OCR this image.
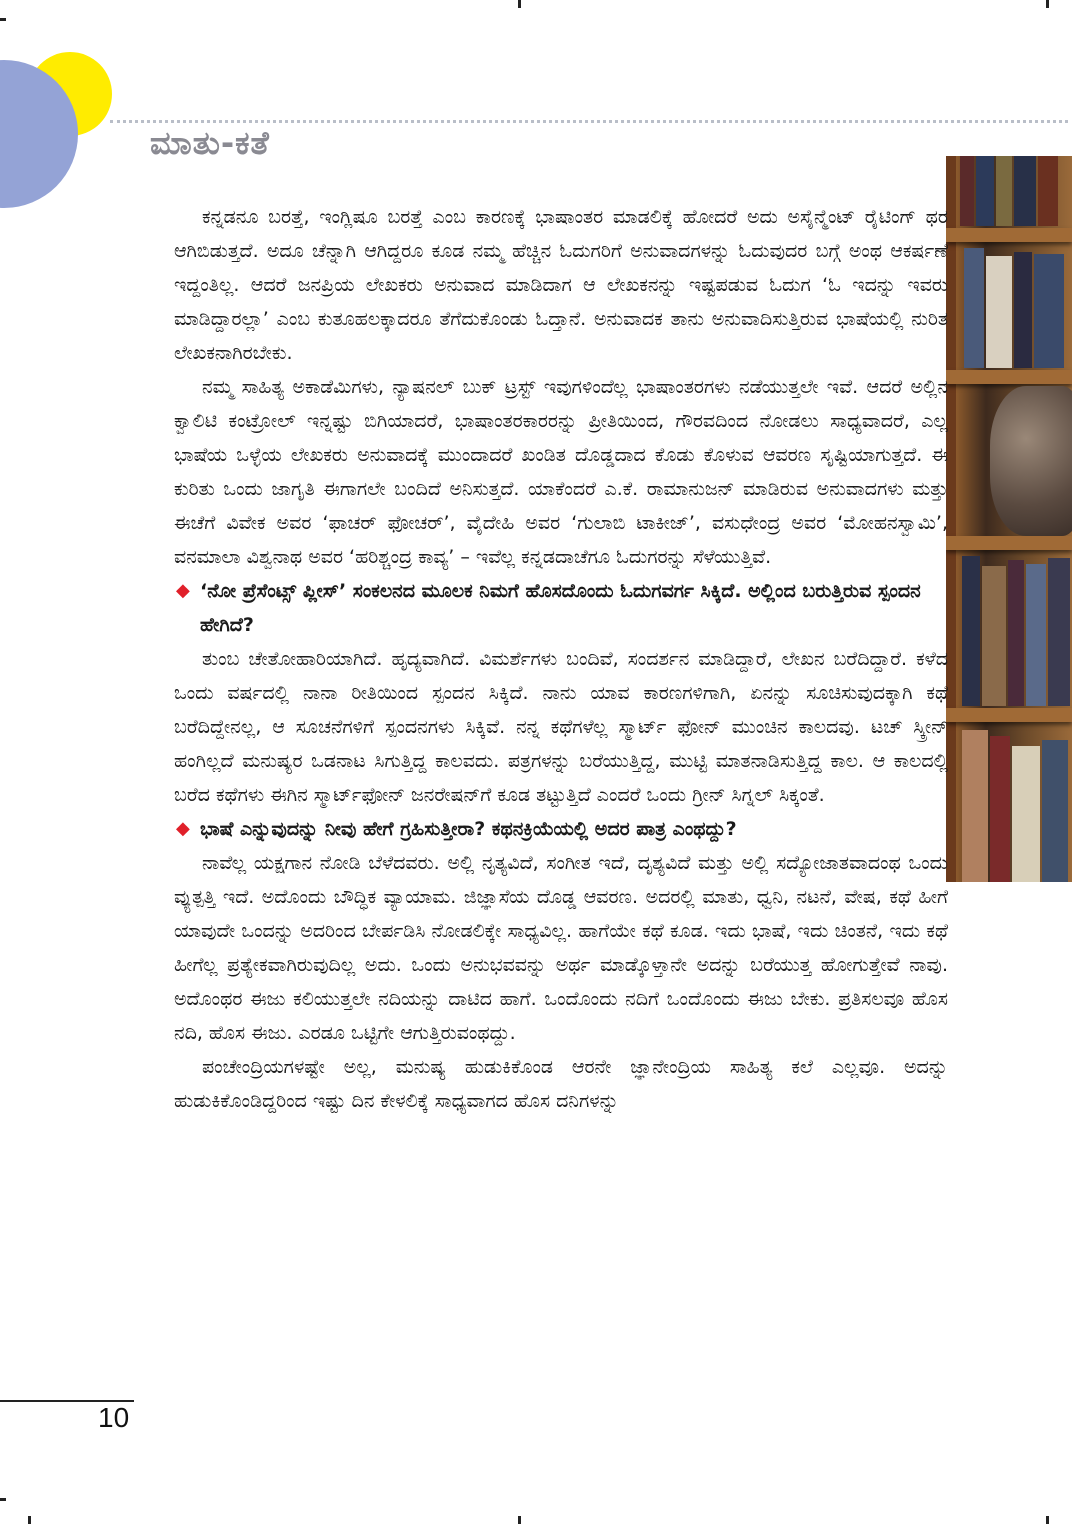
ಮಾತು-ಕತೆ

ಕನ್ನಡನೂ ಬರತ್ತೆ, ಇಂಗ್ಲಿಷೂ ಬರತ್ತೆ ಎಂಬ ಕಾರಣಕ್ಕೆ ಭಾಷಾಂತರ ಮಾಡಲಿಕ್ಕೆ ಹೋದರೆ ಅದು ಅಸೈನ್ಮೆಂಟ್ ರೈಟಿಂಗ್ ಥರ ಆಗಿಬಿಡುತ್ತದೆ. ಅದೂ ಚೆನ್ನಾಗಿ ಆಗಿದ್ದರೂ ಕೂಡ ನಮ್ಮ ಹೆಚ್ಚಿನ ಓದುಗರಿಗೆ ಅನುವಾದಗಳನ್ನು ಓದುವುದರ ಬಗ್ಗೆ ಅಂಥ ಆಕರ್ಷಣೆ ಇದ್ದಂತಿಲ್ಲ. ಆದರೆ ಜನಪ್ರಿಯ ಲೇಖಕರು ಅನುವಾದ ಮಾಡಿದಾಗ ಆ ಲೇಖಕನನ್ನು ಇಷ್ಟಪಡುವ ಓದುಗ ‘ಓ ಇದನ್ನು ಇವರು ಮಾಡಿದ್ದಾರಲ್ಲಾ’ ಎಂಬ ಕುತೂಹಲಕ್ಕಾದರೂ ತೆಗೆದುಕೊಂಡು ಓದ್ತಾನೆ. ಅನುವಾದಕ ತಾನು ಅನುವಾದಿಸುತ್ತಿರುವ ಭಾಷೆಯಲ್ಲಿ ನುರಿತ ಲೇಖಕನಾಗಿರಬೇಕು.

ನಮ್ಮ ಸಾಹಿತ್ಯ ಅಕಾಡೆಮಿಗಳು, ನ್ಯಾಷನಲ್ ಬುಕ್ ಟ್ರಸ್ಟ್ ಇವುಗಳಿಂದೆಲ್ಲ ಭಾಷಾಂತರಗಳು ನಡೆಯುತ್ತಲೇ ಇವೆ. ಆದರೆ ಅಲ್ಲಿನ ಕ್ವಾಲಿಟಿ ಕಂಟ್ರೋಲ್ ಇನ್ನಷ್ಟು ಬಿಗಿಯಾದರೆ, ಭಾಷಾಂತರಕಾರರನ್ನು ಪ್ರೀತಿಯಿಂದ, ಗೌರವದಿಂದ ನೋಡಲು ಸಾಧ್ಯವಾದರೆ, ಎಲ್ಲ ಭಾಷೆಯ ಒಳ್ಳೆಯ ಲೇಖಕರು ಅನುವಾದಕ್ಕೆ ಮುಂದಾದರೆ ಖಂಡಿತ ದೊಡ್ಡದಾದ ಕೊಡು ಕೊಳುವ ಆವರಣ ಸೃಷ್ಟಿಯಾಗುತ್ತದೆ. ಈ ಕುರಿತು ಒಂದು ಜಾಗೃತಿ ಈಗಾಗಲೇ ಬಂದಿದೆ ಅನಿಸುತ್ತದೆ. ಯಾಕೆಂದರೆ ಎ.ಕೆ. ರಾಮಾನುಜನ್ ಮಾಡಿರುವ ಅನುವಾದಗಳು ಮತ್ತು ಈಚೆಗೆ ವಿವೇಕ ಅವರ ‘ಫಾಚರ್ ಫೋಚರ್’, ವೈದೇಹಿ ಅವರ ‘ಗುಲಾಬಿ ಟಾಕೀಜ್’, ವಸುಧೇಂದ್ರ ಅವರ ‘ಮೋಹನಸ್ವಾಮಿ’, ವನಮಾಲಾ ವಿಶ್ವನಾಥ ಅವರ ‘ಹರಿಶ್ಚಂದ್ರ ಕಾವ್ಯ’ – ಇವೆಲ್ಲ ಕನ್ನಡದಾಚೆಗೂ ಓದುಗರನ್ನು ಸೆಳೆಯುತ್ತಿವೆ.

◆ ‘ನೋ ಪ್ರೆಸೆಂಟ್ಸ್ ಪ್ಲೀಸ್’ ಸಂಕಲನದ ಮೂಲಕ ನಿಮಗೆ ಹೊಸದೊಂದು ಓದುಗವರ್ಗ ಸಿಕ್ಕಿದೆ. ಅಲ್ಲಿಂದ ಬರುತ್ತಿರುವ ಸ್ಪಂದನ ಹೇಗಿದೆ?

ತುಂಬ ಚೇತೋಹಾರಿಯಾಗಿದೆ. ಹೃದ್ಯವಾಗಿದೆ. ವಿಮರ್ಶೆಗಳು ಬಂದಿವೆ, ಸಂದರ್ಶನ ಮಾಡಿದ್ದಾರೆ, ಲೇಖನ ಬರೆದಿದ್ದಾರೆ. ಕಳೆದ ಒಂದು ವರ್ಷದಲ್ಲಿ ನಾನಾ ರೀತಿಯಿಂದ ಸ್ಪಂದನ ಸಿಕ್ಕಿದೆ. ನಾನು ಯಾವ ಕಾರಣಗಳಿಗಾಗಿ, ಏನನ್ನು ಸೂಚಿಸುವುದಕ್ಕಾಗಿ ಕಥೆ ಬರೆದಿದ್ದೇನಲ್ಲ, ಆ ಸೂಚನೆಗಳಿಗೆ ಸ್ಪಂದನಗಳು ಸಿಕ್ಕಿವೆ. ನನ್ನ ಕಥೆಗಳೆಲ್ಲ ಸ್ಮಾರ್ಟ್ ಫೋನ್ ಮುಂಚಿನ ಕಾಲದವು. ಟಚ್ ಸ್ಕ್ರೀನ್ ಹಂಗಿಲ್ಲದೆ ಮನುಷ್ಯರ ಒಡನಾಟ ಸಿಗುತ್ತಿದ್ದ ಕಾಲವದು. ಪತ್ರಗಳನ್ನು ಬರೆಯುತ್ತಿದ್ದ, ಮುಟ್ಟಿ ಮಾತನಾಡಿಸುತ್ತಿದ್ದ ಕಾಲ. ಆ ಕಾಲದಲ್ಲಿ ಬರೆದ ಕಥೆಗಳು ಈಗಿನ ಸ್ಮಾರ್ಟ್‌ಫೋನ್ ಜನರೇಷನ್‌ಗೆ ಕೂಡ ತಟ್ಟುತ್ತಿದೆ ಎಂದರೆ ಒಂದು ಗ್ರೀನ್ ಸಿಗ್ನಲ್ ಸಿಕ್ಕಂತೆ.

◆ ಭಾಷೆ ಎನ್ನುವುದನ್ನು ನೀವು ಹೇಗೆ ಗ್ರಹಿಸುತ್ತೀರಾ? ಕಥನಕ್ರಿಯೆಯಲ್ಲಿ ಅದರ ಪಾತ್ರ ಎಂಥದ್ದು?

ನಾವೆಲ್ಲ ಯಕ್ಷಗಾನ ನೋಡಿ ಬೆಳೆದವರು. ಅಲ್ಲಿ ನೃತ್ಯವಿದೆ, ಸಂಗೀತ ಇದೆ, ದೃಶ್ಯವಿದೆ ಮತ್ತು ಅಲ್ಲಿ ಸದ್ಯೋಜಾತವಾದಂಥ ಒಂದು ವ್ಯುತ್ಪತ್ತಿ ಇದೆ. ಅದೊಂದು ಬೌದ್ಧಿಕ ವ್ಯಾಯಾಮ. ಜಿಜ್ಞಾಸೆಯ ದೊಡ್ಡ ಆವರಣ. ಅದರಲ್ಲಿ ಮಾತು, ಧ್ವನಿ, ನಟನೆ, ವೇಷ, ಕಥೆ ಹೀಗೆ ಯಾವುದೇ ಒಂದನ್ನು ಅದರಿಂದ ಬೇರ್ಪಡಿಸಿ ನೋಡಲಿಕ್ಕೇ ಸಾಧ್ಯವಿಲ್ಲ. ಹಾಗೆಯೇ ಕಥೆ ಕೂಡ. ಇದು ಭಾಷೆ, ಇದು ಚಿಂತನೆ, ಇದು ಕಥೆ ಹೀಗೆಲ್ಲ ಪ್ರತ್ಯೇಕವಾಗಿರುವುದಿಲ್ಲ ಅದು. ಒಂದು ಅನುಭವವನ್ನು ಅರ್ಥ ಮಾಡ್ಕೊಳ್ತಾನೇ ಅದನ್ನು ಬರೆಯುತ್ತ ಹೋಗುತ್ತೇವೆ ನಾವು. ಅದೊಂಥರ ಈಜು ಕಲಿಯುತ್ತಲೇ ನದಿಯನ್ನು ದಾಟಿದ ಹಾಗೆ. ಒಂದೊಂದು ನದಿಗೆ ಒಂದೊಂದು ಈಜು ಬೇಕು. ಪ್ರತಿಸಲವೂ ಹೊಸ ನದಿ, ಹೊಸ ಈಜು. ಎರಡೂ ಒಟ್ಟಿಗೇ ಆಗುತ್ತಿರುವಂಥದ್ದು.

ಪಂಚೇಂದ್ರಿಯಗಳಷ್ಟೇ ಅಲ್ಲ, ಮನುಷ್ಯ ಹುಡುಕಿಕೊಂಡ ಆರನೇ ಜ್ಞಾನೇಂದ್ರಿಯ ಸಾಹಿತ್ಯ ಕಲೆ ಎಲ್ಲವೂ. ಅದನ್ನು ಹುಡುಕಿಕೊಂಡಿದ್ದರಿಂದ ಇಷ್ಟು ದಿನ ಕೇಳಲಿಕ್ಕೆ ಸಾಧ್ಯವಾಗದ ಹೊಸ ದನಿಗಳನ್ನು

10
